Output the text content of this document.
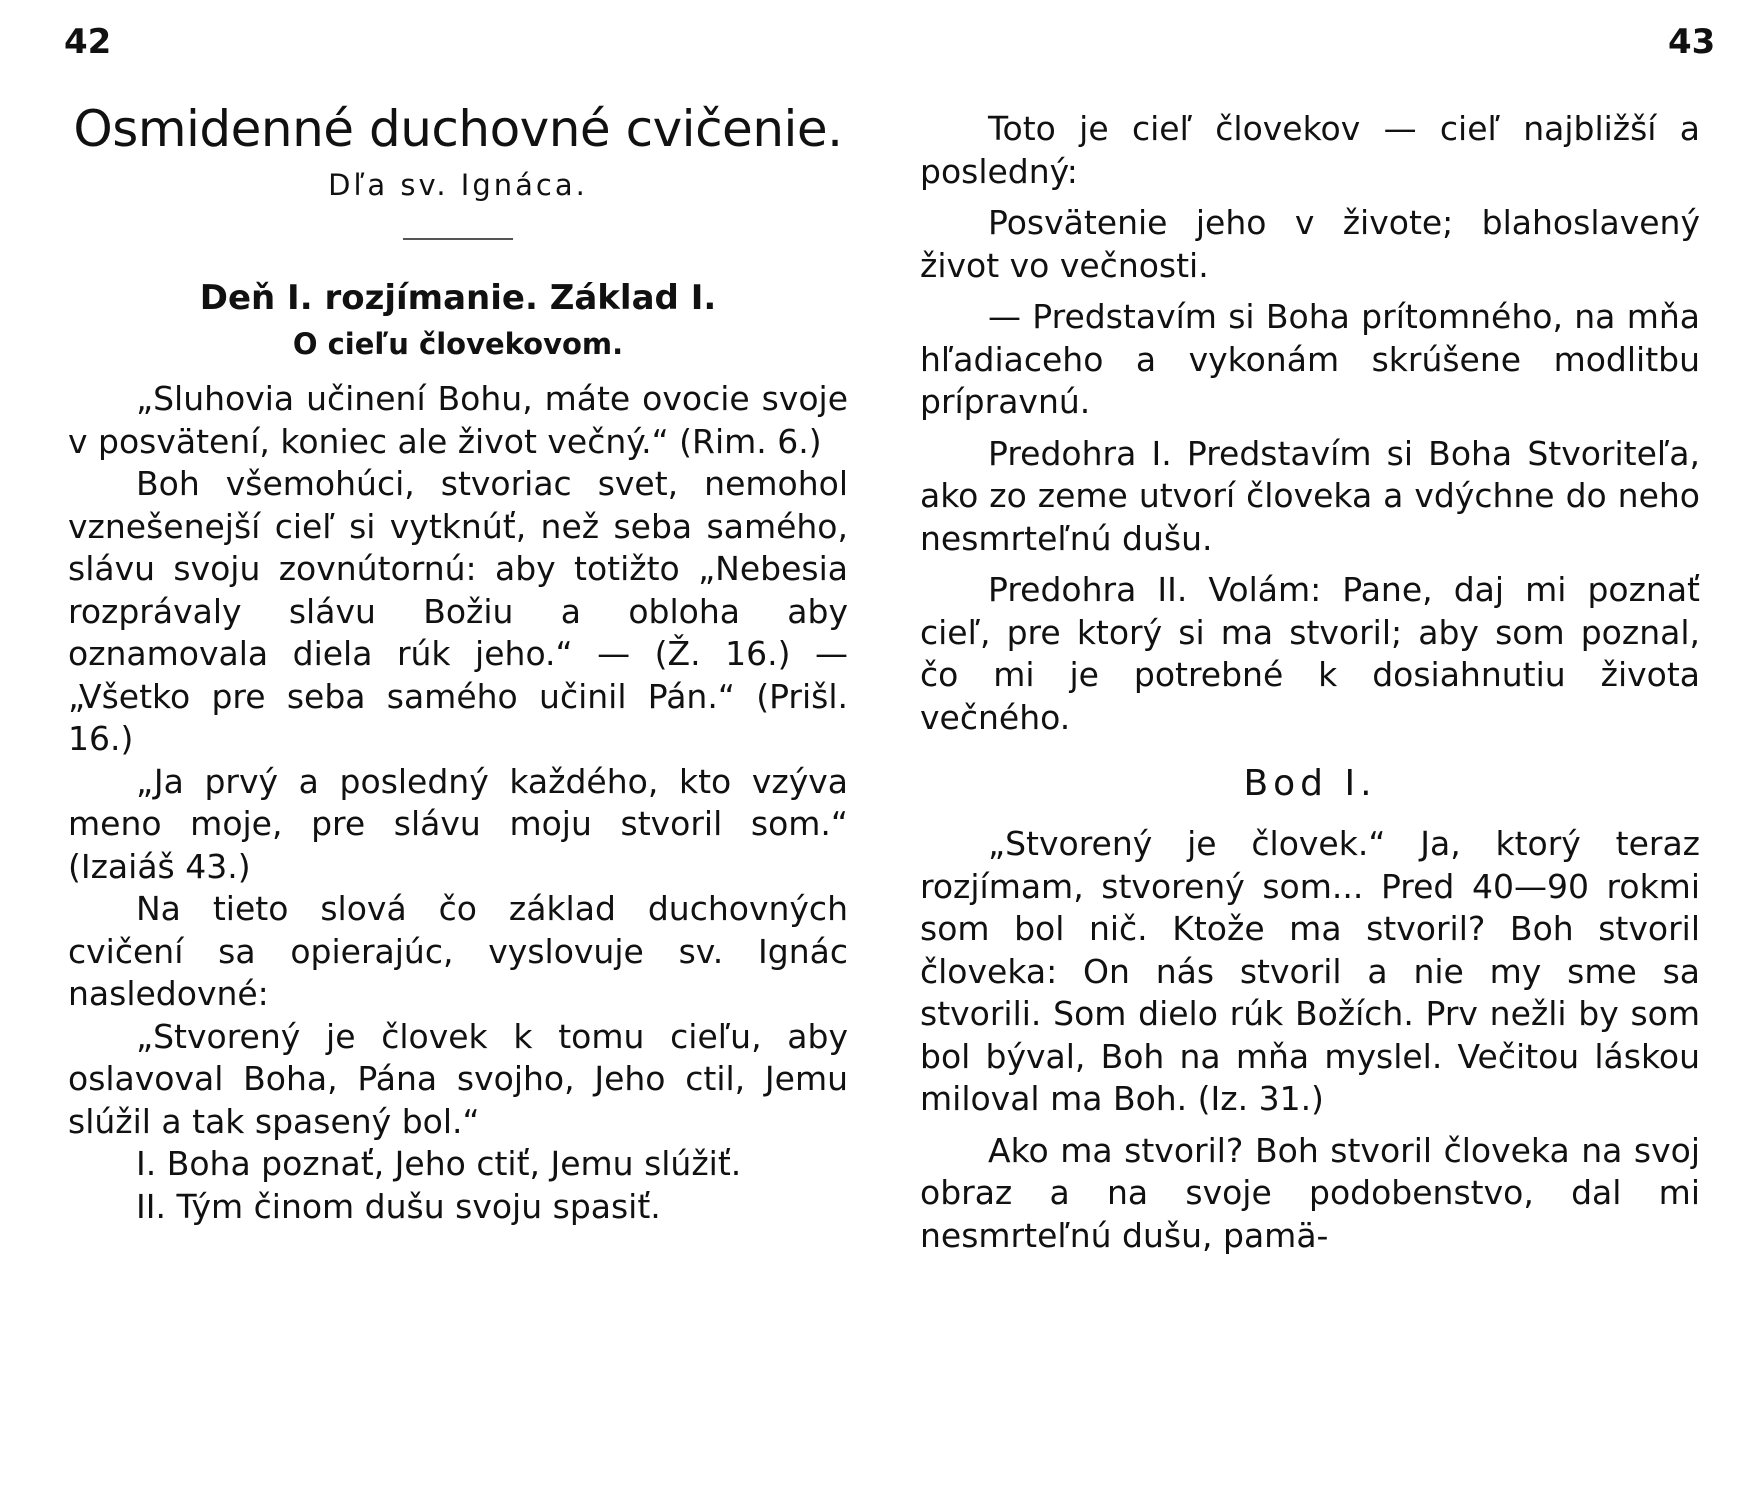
42	43
Osmidenné duchovné cvičenie.
Dľa sv. Ignáca.
Deň I. rozjímanie. Základ I.
O cieľu človekovom.

„Sluhovia učinení Bohu, máte ovocie svoje v posvätení, koniec ale život večný.“ (Rim. 6.)

Boh všemohúci, stvoriac svet, nemohol vznešenejší cieľ si vytknúť, než seba samého, slávu svoju zovnútornú: aby totižto „Nebesia rozprávaly slávu Božiu a obloha aby oznamovala diela rúk jeho.“ — (Ž. 16.) — „Všetko pre seba samého učinil Pán.“ (Prišl. 16.)

„Ja prvý a posledný každého, kto vzýva meno moje, pre slávu moju stvoril som.“ (Izaiáš 43.)

Na tieto slová čo základ duchovných cvičení sa opierajúc, vyslovuje sv. Ignác nasledovné:

„Stvorený je človek k tomu cieľu, aby oslavoval Boha, Pána svojho, Jeho ctil, Jemu slúžil a tak spasený bol.“

I. Boha poznať, Jeho ctiť, Jemu slúžiť.

II. Tým činom dušu svoju spasiť.

Toto je cieľ človekov — cieľ najbližší a posledný:

Posvätenie jeho v živote; blahoslavený život vo večnosti.

— Predstavím si Boha prítomného, na mňa hľadiaceho a vykonám skrúšene modlitbu prípravnú.

Predohra I. Predstavím si Boha Stvoriteľa, ako zo zeme utvorí človeka a vdýchne do neho nesmrteľnú dušu.

Predohra II. Volám: Pane, daj mi poznať cieľ, pre ktorý si ma stvoril; aby som poznal, čo mi je potrebné k dosiahnutiu života večného.

Bod I.

„Stvorený je človek.“ Ja, ktorý teraz rozjímam, stvorený som... Pred 40—90 rokmi som bol nič. Ktože ma stvoril? Boh stvoril človeka: On nás stvoril a nie my sme sa stvorili. Som dielo rúk Božích. Prv nežli by som bol býval, Boh na mňa myslel. Večitou láskou miloval ma Boh. (Iz. 31.)

Ako ma stvoril? Boh stvoril človeka na svoj obraz a na svoje podobenstvo, dal mi nesmrteľnú dušu, pamä-
